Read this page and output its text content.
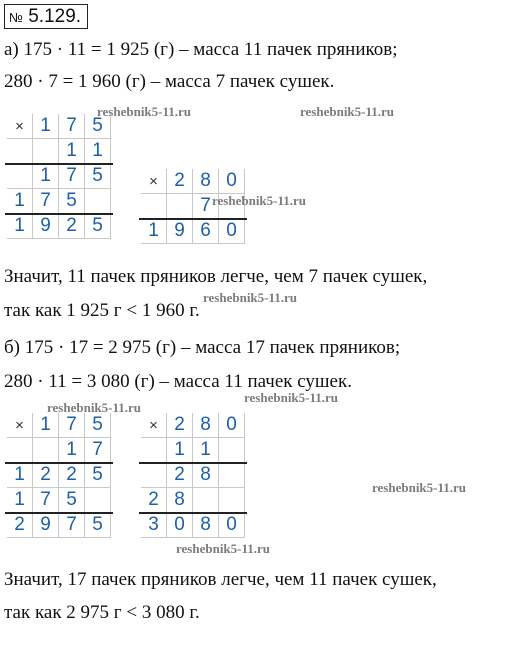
№ 5.129.
а) 175 · 11 = 1 925 (г) – масса 11 пачек пряников;
280 · 7 = 1 960 (г) – масса 7 пачек сушек.
× 1 7 5
1 1
1 7 5
1 7 5
1 9 2 5
× 2 8 0
7
1 9 6 0
Значит, 11 пачек пряников легче, чем 7 пачек сушек,
так как 1 925 г < 1 960 г.
б) 175 · 17 = 2 975 (г) – масса 17 пачек пряников;
280 · 11 = 3 080 (г) – масса 11 пачек сушек.
× 1 7 5
1 7
1 2 2 5
1 7 5
2 9 7 5
× 2 8 0
1 1
2 8
2 8
3 0 8 0
Значит, 17 пачек пряников легче, чем 11 пачек сушек,
так как 2 975 г < 3 080 г.
reshebnik5-11.ru	reshebnik5-11.ru
reshebnik5-11.ru
reshebnik5-11.ru
reshebnik5-11.ru
reshebnik5-11.ru
reshebnik5-11.ru
reshebnik5-11.ru
